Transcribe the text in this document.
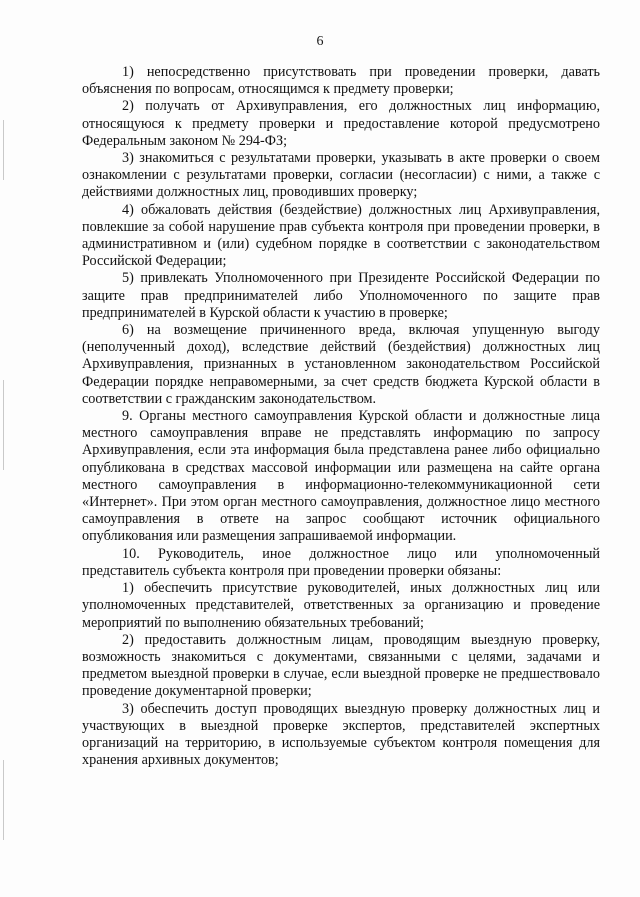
6

1) непосредственно присутствовать при проведении проверки, давать объяснения по вопросам, относящимся к предмету проверки;

2) получать от Архивуправления, его должностных лиц информацию, относящуюся к предмету проверки и предоставление которой предусмотрено Федеральным законом № 294-ФЗ;

3) знакомиться с результатами проверки, указывать в акте проверки о своем ознакомлении с результатами проверки, согласии (несогласии) с ними, а также с действиями должностных лиц, проводивших проверку;

4) обжаловать действия (бездействие) должностных лиц Архивуправления, повлекшие за собой нарушение прав субъекта контроля при проведении проверки, в административном и (или) судебном порядке в соответствии с законодательством Российской Федерации;

5) привлекать Уполномоченного при Президенте Российской Федерации по защите прав предпринимателей либо Уполномоченного по защите прав предпринимателей в Курской области к участию в проверке;

6) на возмещение причиненного вреда, включая упущенную выгоду (неполученный доход), вследствие действий (бездействия) должностных лиц Архивуправления, признанных в установленном законодательством Российской Федерации порядке неправомерными, за счет средств бюджета Курской области в соответствии с гражданским законодательством.

9. Органы местного самоуправления Курской области и должностные лица местного самоуправления вправе не представлять информацию по запросу Архивуправления, если эта информация была представлена ранее либо официально опубликована в средствах массовой информации или размещена на сайте органа местного самоуправления в информационно-телекоммуникационной сети «Интернет». При этом орган местного самоуправления, должностное лицо местного самоуправления в ответе на запрос сообщают источник официального опубликования или размещения запрашиваемой информации.

10. Руководитель, иное должностное лицо или уполномоченный представитель субъекта контроля при проведении проверки обязаны:

1) обеспечить присутствие руководителей, иных должностных лиц или уполномоченных представителей, ответственных за организацию и проведение мероприятий по выполнению обязательных требований;

2) предоставить должностным лицам, проводящим выездную проверку, возможность знакомиться с документами, связанными с целями, задачами и предметом выездной проверки в случае, если выездной проверке не предшествовало проведение документарной проверки;

3) обеспечить доступ проводящих выездную проверку должностных лиц и участвующих в выездной проверке экспертов, представителей экспертных организаций на территорию, в используемые субъектом контроля помещения для хранения архивных документов;
